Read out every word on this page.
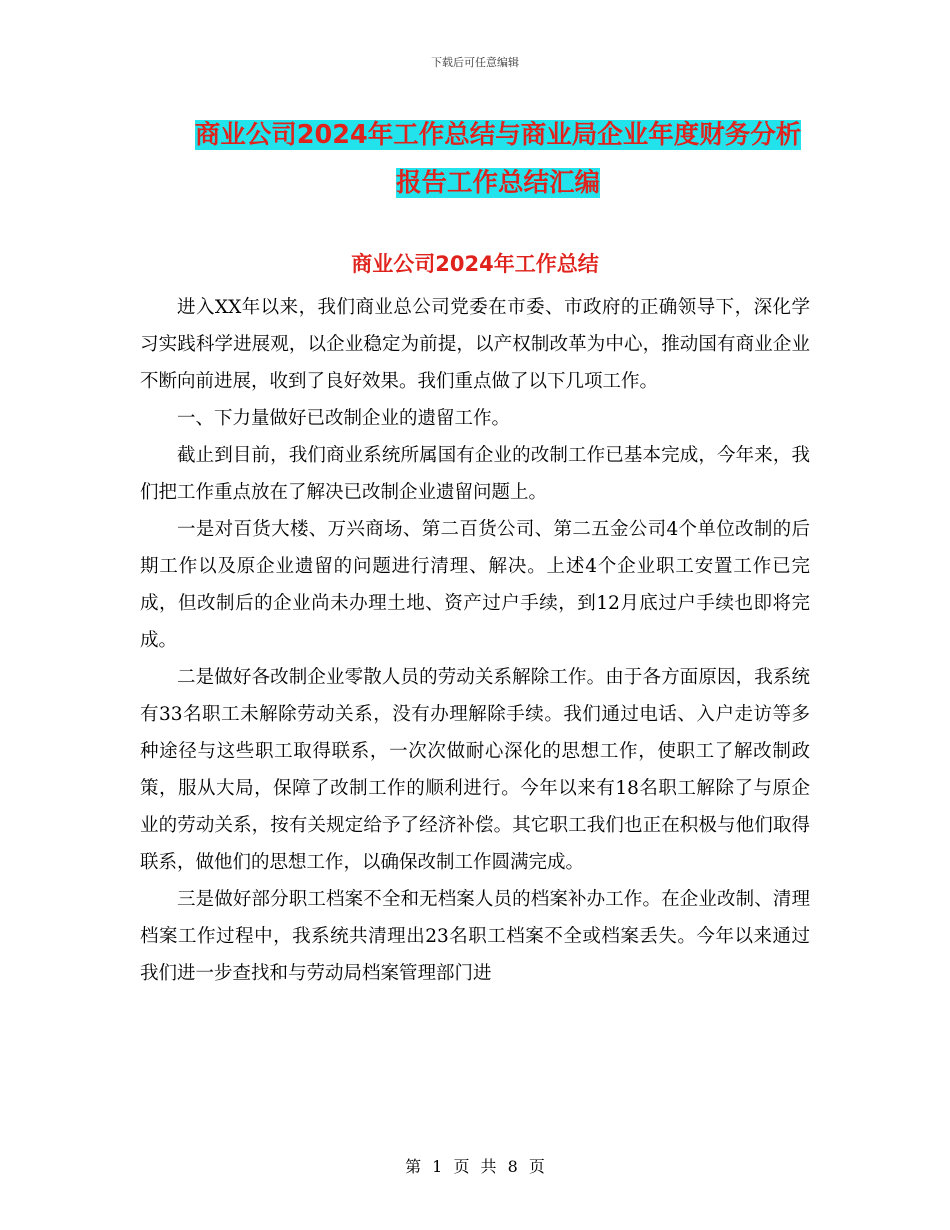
下载后可任意编辑
商业公司2024年工作总结与商业局企业年度财务分析
报告工作总结汇编
商业公司2024年工作总结

进入XX年以来，我们商业总公司党委在市委、市政府的正确领导下，深化学习实践科学进展观，以企业稳定为前提，以产权制改革为中心，推动国有商业企业不断向前进展，收到了良好效果。我们重点做了以下几项工作。

一、下力量做好已改制企业的遗留工作。

截止到目前，我们商业系统所属国有企业的改制工作已基本完成，今年来，我们把工作重点放在了解决已改制企业遗留问题上。

一是对百货大楼、万兴商场、第二百货公司、第二五金公司4个单位改制的后期工作以及原企业遗留的问题进行清理、解决。上述4个企业职工安置工作已完成，但改制后的企业尚未办理土地、资产过户手续，到12月底过户手续也即将完成。

二是做好各改制企业零散人员的劳动关系解除工作。由于各方面原因，我系统有33名职工未解除劳动关系，没有办理解除手续。我们通过电话、入户走访等多种途径与这些职工取得联系，一次次做耐心深化的思想工作，使职工了解改制政策，服从大局，保障了改制工作的顺利进行。今年以来有18名职工解除了与原企业的劳动关系，按有关规定给予了经济补偿。其它职工我们也正在积极与他们取得联系，做他们的思想工作，以确保改制工作圆满完成。

三是做好部分职工档案不全和无档案人员的档案补办工作。在企业改制、清理档案工作过程中，我系统共清理出23名职工档案不全或档案丢失。今年以来通过我们进一步查找和与劳动局档案管理部门进

第 1 页 共 8 页
